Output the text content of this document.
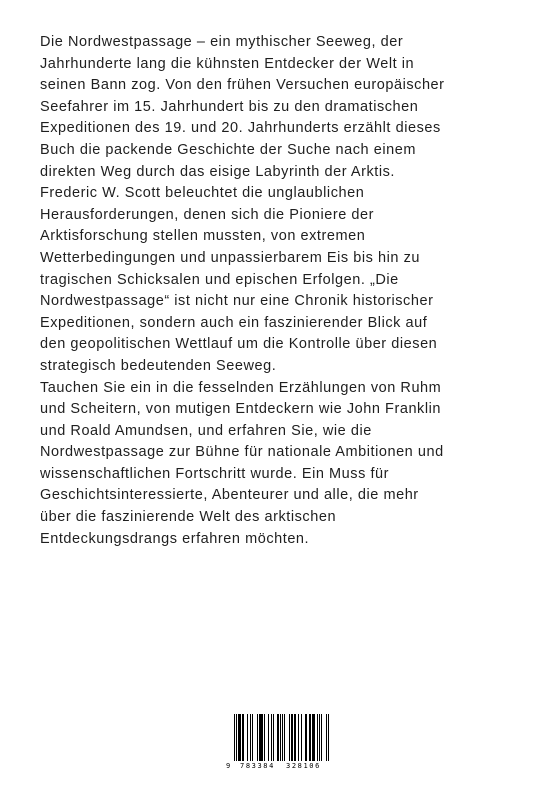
Die Nordwestpassage – ein mythischer Seeweg, der
Jahrhunderte lang die kühnsten Entdecker der Welt in
seinen Bann zog. Von den frühen Versuchen europäischer
Seefahrer im 15. Jahrhundert bis zu den dramatischen
Expeditionen des 19. und 20. Jahrhunderts erzählt dieses
Buch die packende Geschichte der Suche nach einem
direkten Weg durch das eisige Labyrinth der Arktis.
Frederic W. Scott beleuchtet die unglaublichen
Herausforderungen, denen sich die Pioniere der
Arktisforschung stellen mussten, von extremen
Wetterbedingungen und unpassierbarem Eis bis hin zu
tragischen Schicksalen und epischen Erfolgen. „Die
Nordwestpassage“ ist nicht nur eine Chronik historischer
Expeditionen, sondern auch ein faszinierender Blick auf
den geopolitischen Wettlauf um die Kontrolle über diesen
strategisch bedeutenden Seeweg.
Tauchen Sie ein in die fesselnden Erzählungen von Ruhm
und Scheitern, von mutigen Entdeckern wie John Franklin
und Roald Amundsen, und erfahren Sie, wie die
Nordwestpassage zur Bühne für nationale Ambitionen und
wissenschaftlichen Fortschritt wurde. Ein Muss für
Geschichtsinteressierte, Abenteurer und alle, die mehr
über die faszinierende Welt des arktischen
Entdeckungsdrangs erfahren möchten.
9 783384 328106
